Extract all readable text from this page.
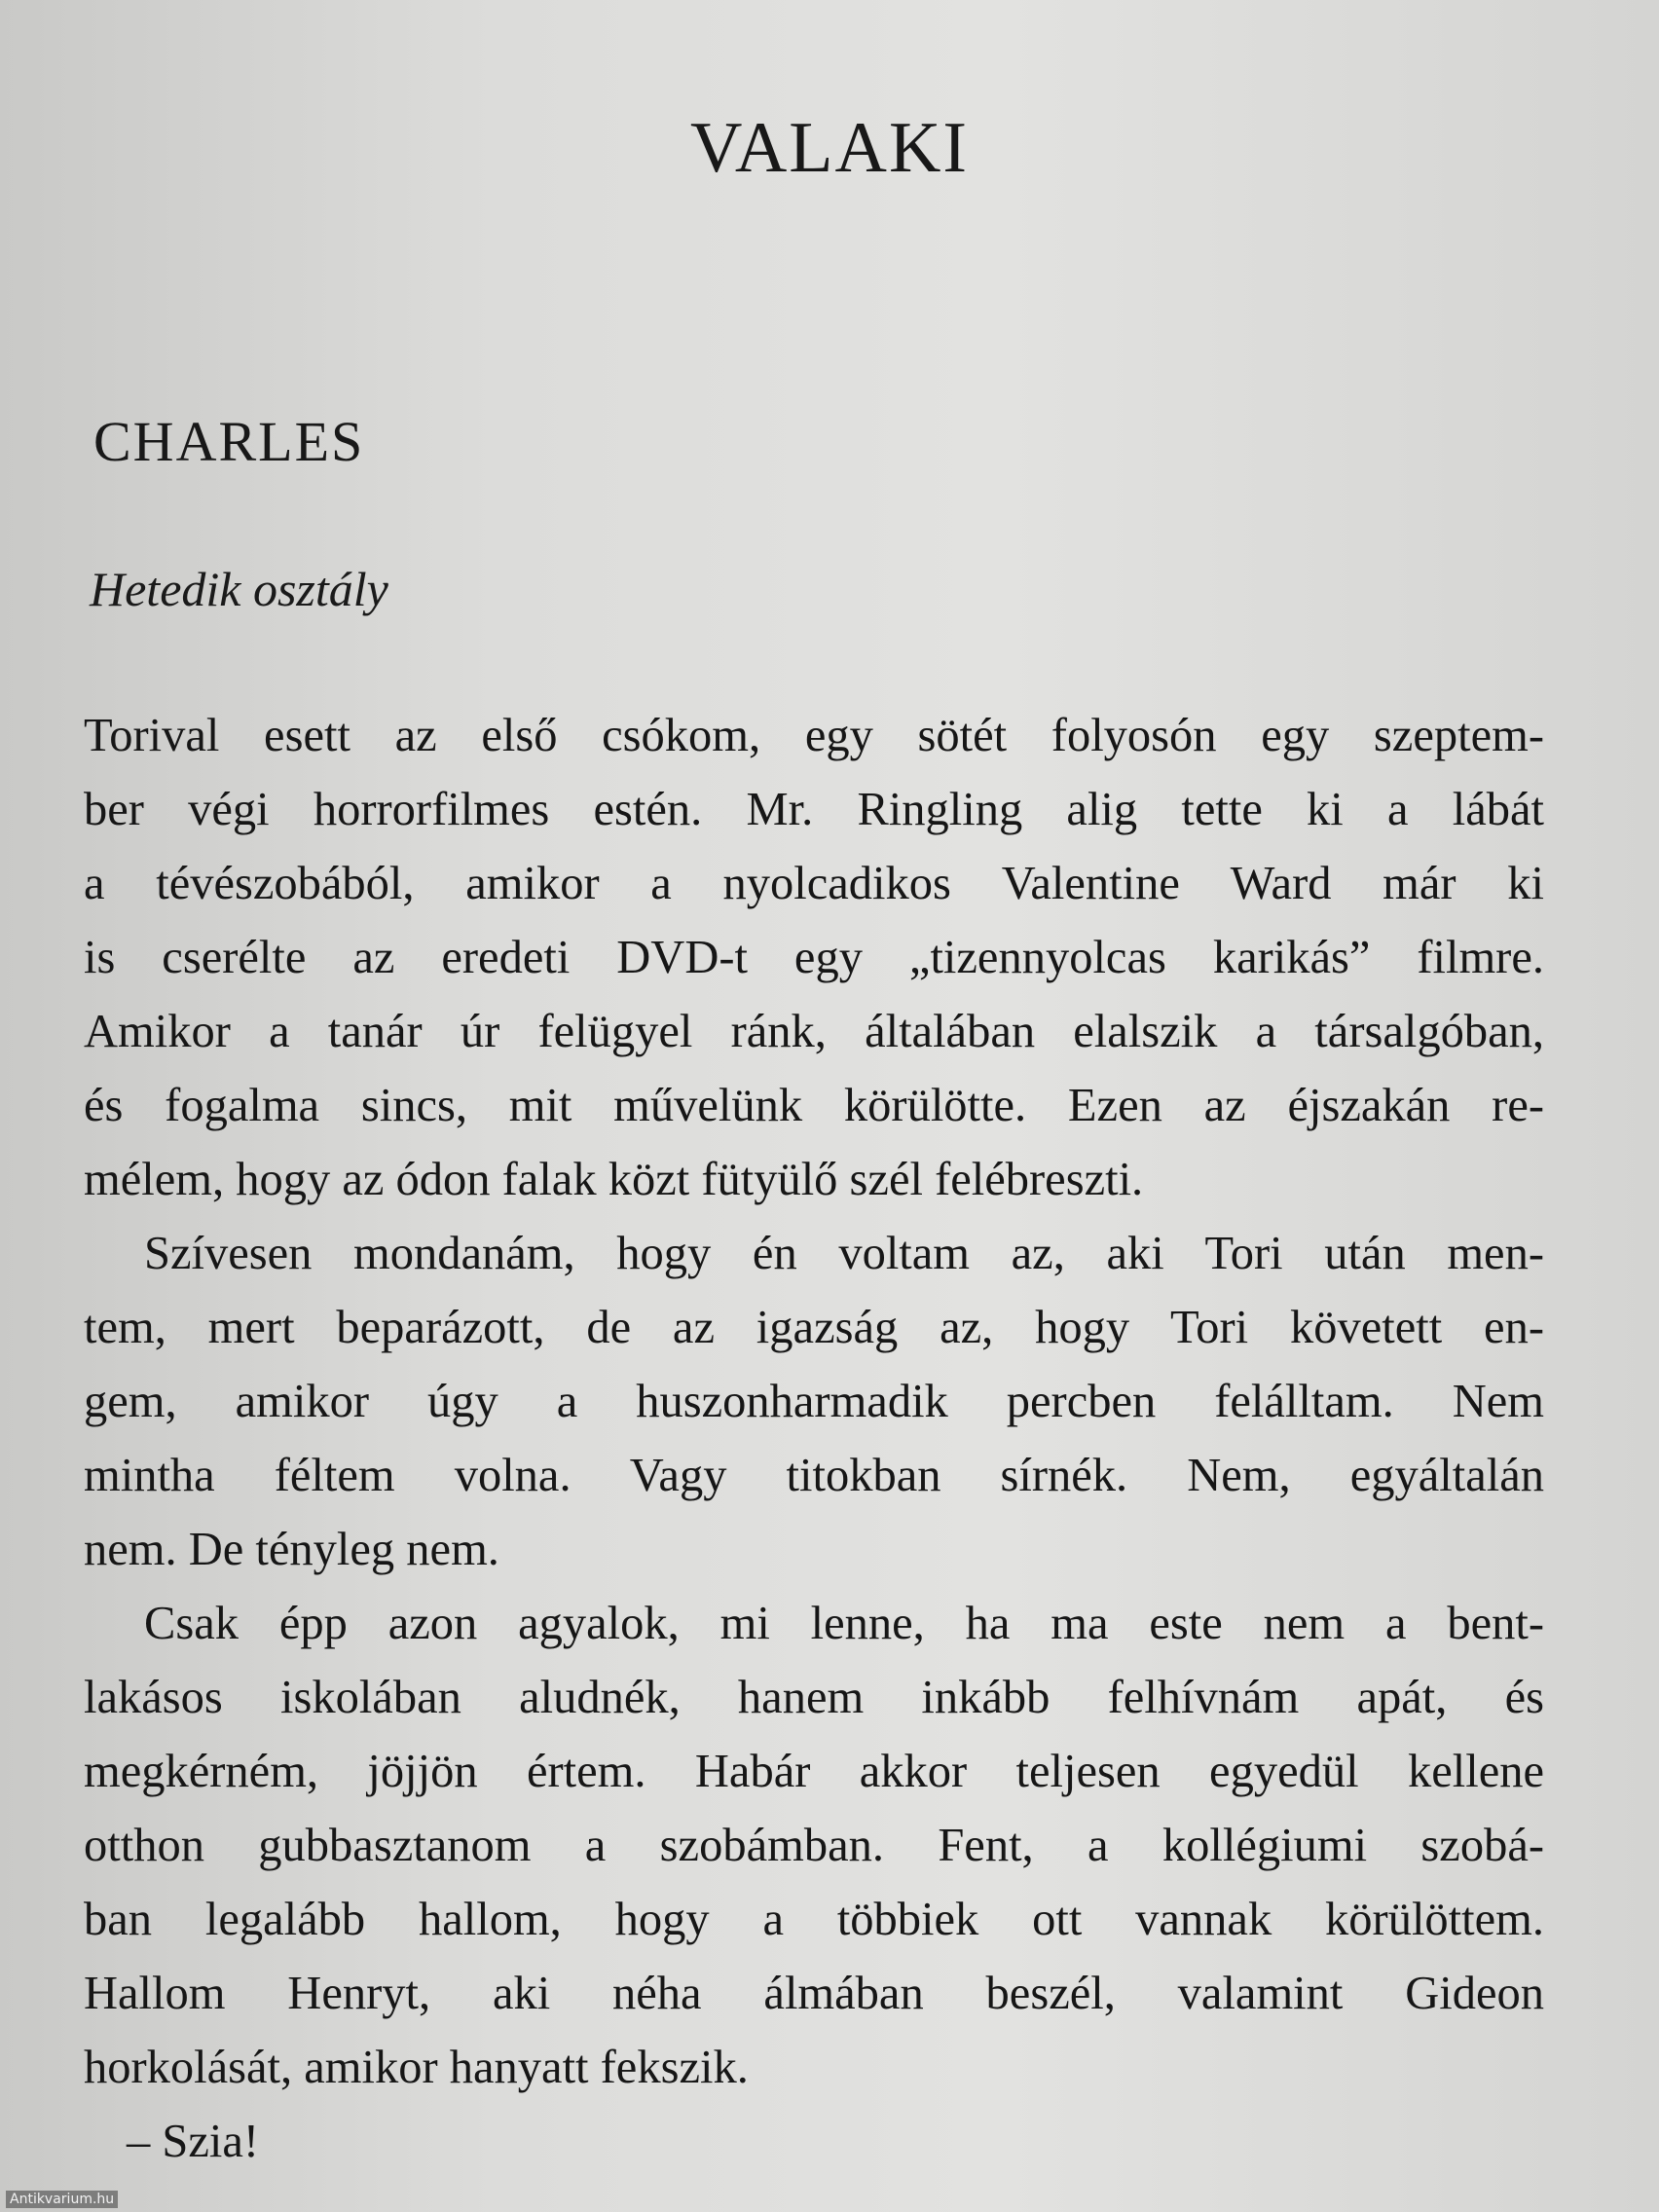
VALAKI
CHARLES
Hetedik osztály

Torival esett az első csókom, egy sötét folyosón egy szeptem-
ber végi horrorfilmes estén. Mr. Ringling alig tette ki a lábát
a tévészobából, amikor a nyolcadikos Valentine Ward már ki
is cserélte az eredeti DVD-t egy „tizennyolcas karikás” filmre.
Amikor a tanár úr felügyel ránk, általában elalszik a társalgóban,
és fogalma sincs, mit művelünk körülötte. Ezen az éjszakán re-
mélem, hogy az ódon falak közt fütyülő szél felébreszti.

Szívesen mondanám, hogy én voltam az, aki Tori után men-
tem, mert beparázott, de az igazság az, hogy Tori követett en-
gem, amikor úgy a huszonharmadik percben felálltam. Nem
mintha féltem volna. Vagy titokban sírnék. Nem, egyáltalán
nem. De tényleg nem.

Csak épp azon agyalok, mi lenne, ha ma este nem a bent-
lakásos iskolában aludnék, hanem inkább felhívnám apát, és
megkérném, jöjjön értem. Habár akkor teljesen egyedül kellene
otthon gubbasztanom a szobámban. Fent, a kollégiumi szobá-
ban legalább hallom, hogy a többiek ott vannak körülöttem.
Hallom Henryt, aki néha álmában beszél, valamint Gideon
horkolását, amikor hanyatt fekszik.

– Szia!

Antikvarium.hu
